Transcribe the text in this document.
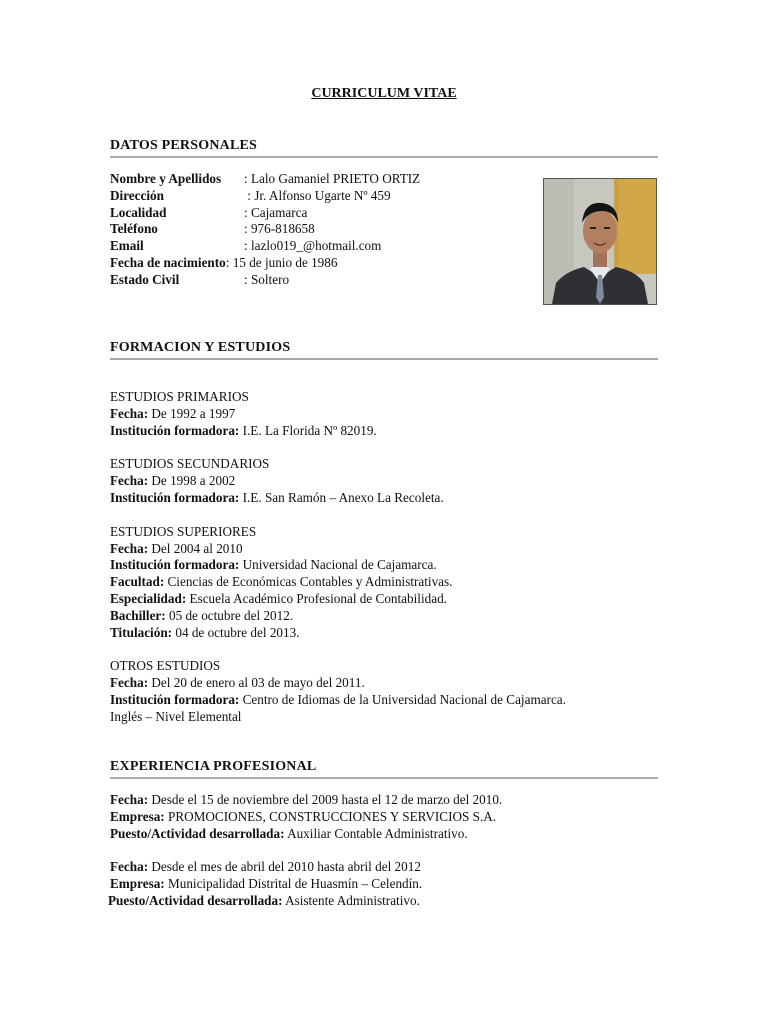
CURRICULUM VITAE
DATOS PERSONALES
Nombre y Apellidos : Lalo Gamaniel PRIETO ORTIZ
Dirección	: Jr. Alfonso Ugarte Nº 459
Localidad	: Cajamarca
Teléfono	: 976-818658
Email	: lazlo019_@hotmail.com
Fecha de nacimiento: 15 de junio de 1986
Estado Civil	: Soltero
FORMACION Y ESTUDIOS
ESTUDIOS PRIMARIOS
Fecha: De 1992 a 1997
Institución formadora: I.E. La Florida Nº 82019.
ESTUDIOS SECUNDARIOS
Fecha: De 1998 a 2002
Institución formadora: I.E. San Ramón – Anexo La Recoleta.
ESTUDIOS SUPERIORES
Fecha: Del 2004 al 2010
Institución formadora: Universidad Nacional de Cajamarca.
Facultad: Ciencias de Económicas Contables y Administrativas.
Especialidad: Escuela Académico Profesional de Contabilidad.
Bachiller: 05 de octubre del 2012.
Titulación: 04 de octubre del 2013.
OTROS ESTUDIOS
Fecha: Del 20 de enero al 03 de mayo del 2011.
Institución formadora: Centro de Idiomas de la Universidad Nacional de Cajamarca.
Inglés – Nivel Elemental
EXPERIENCIA PROFESIONAL
Fecha: Desde el 15 de noviembre del 2009 hasta el 12 de marzo del 2010.
Empresa: PROMOCIONES, CONSTRUCCIONES Y SERVICIOS S.A.
Puesto/Actividad desarrollada: Auxiliar Contable Administrativo.
Fecha: Desde el mes de abril del 2010 hasta abril del 2012
Empresa: Municipalidad Distrital de Huasmín – Celendín.
Puesto/Actividad desarrollada: Asistente Administrativo.
